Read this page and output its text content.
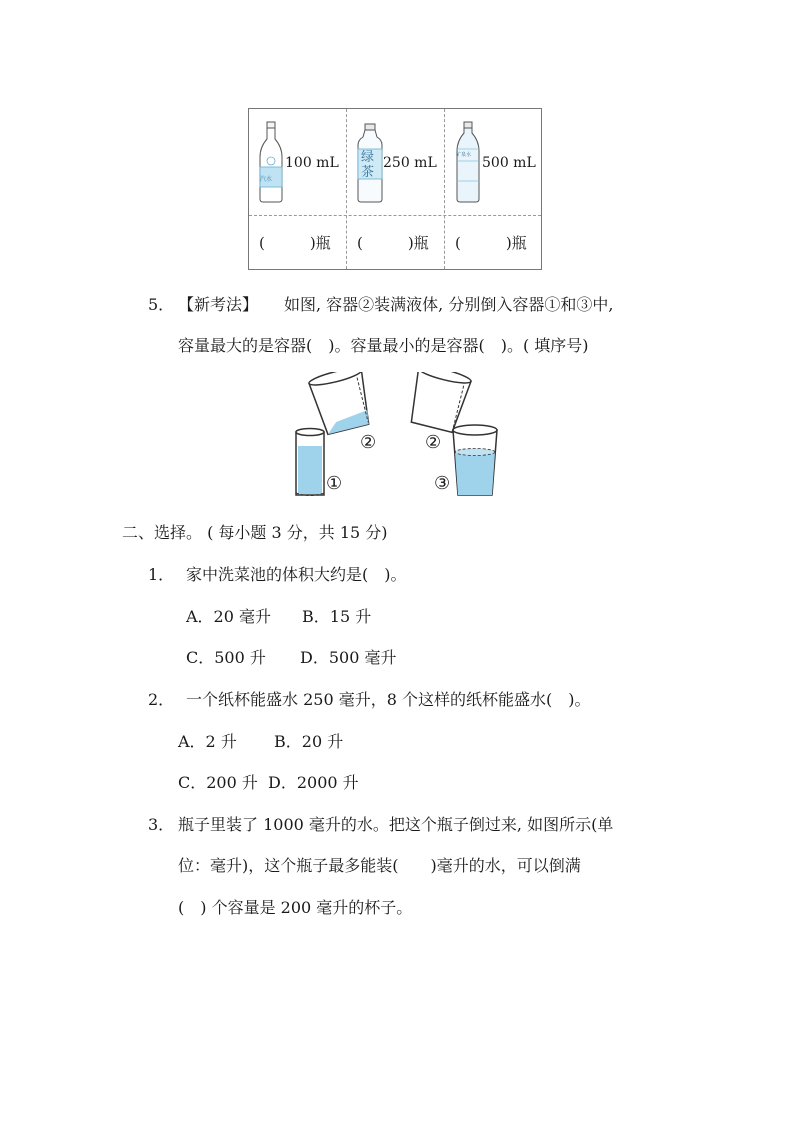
汽水
100 mL 绿茶
250 mL	矿泉水 500 mL
(　　　)瓶 (　　　)瓶 (　　　)瓶
5． 【新考法】 如图, 容器②装满液体, 分别倒入容器①和③中,
容量最大的是容器(　)。容量最小的是容器(　)。( 填序号)
①
②	②
③
二、选择。 ( 每小题 3 分，共 15 分)
1． 家中洗菜池的体积大约是(　)。
A．20 毫升 B．15 升
C．500 升 D．500 毫升
2． 一个纸杯能盛水 250 毫升，8 个这样的纸杯能盛水(　)。
A．2 升 B．20 升
C．200 升 D．2000 升
3． 瓶子里装了 1000 毫升的水。把这个瓶子倒过来, 如图所示(单
位：毫升)，这个瓶子最多能装(　　)毫升的水，可以倒满
(　) 个容量是 200 毫升的杯子。
